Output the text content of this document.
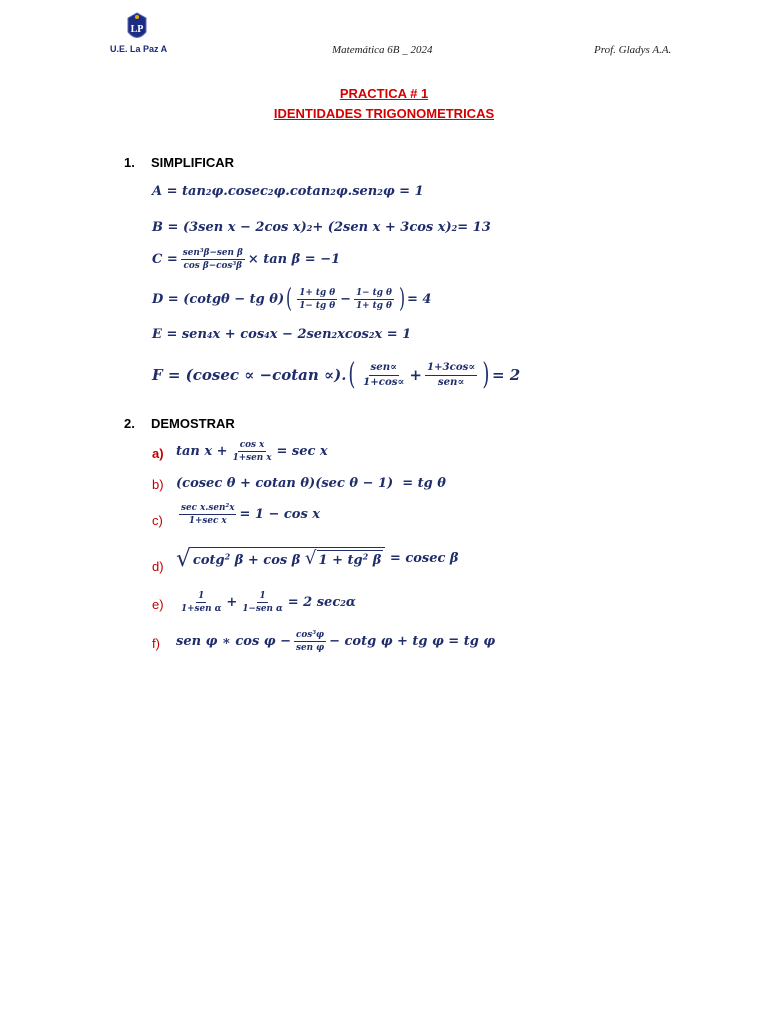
LP
U.E. La Paz A	Matemática 6B _ 2024	Prof. Gladys A.A.
PRACTICA # 1
IDENTIDADES TRIGONOMETRICAS
1. SIMPLIFICAR
A = tan 2 φ.cosec 2 φ.cotan 2 φ.sen 2 φ = 1
B = (3sen x − 2cos x) 2 + (2sen x + 3cos x) 2 = 13
$C = \frac{sen^3\beta-sen \beta}{\cos \beta-\cos^3\beta} \times \tan \beta = -1$
D = (cotgθ − tg θ) ( $\frac{\text{1+ tg θ}}{\text{1− tg θ}} - \frac{\text{1− tg θ}}{\text{1+ tg θ}}$ ) = 4
E = sen 4 x + cos 4 x − 2sen 2 xcos 2 x = 1
F = (cosec ∝ −cotan ∝). ( $\frac{\text{sen∝}}{1+\cos\propto} + \frac{1+3\cos\propto}{\text{sen∝}}$ ) = 2
2. DEMOSTRAR
a) $\tan x + \frac{\text{cos x}}{\text{1+sen x}} = \sec x$
b) (cosec θ + cotan θ)(sec θ − 1)  = tg θ
$c) \frac{\sec x.sen^2x}{\text{1+sec x}} = 1 - \cos x$
d) √ cotg$^2$ β + cos β √ $1 + tg^2$ β = cosec β
$e) \frac{1}{\text{1+sen α}} + \frac{1}{\text{1−sen α}} = 2$ sec 2 α
f) sen φ ∗ $\cos \varphi - \frac{\cos^3\varphi}{\text{sen φ}} - \cot g$ φ + tg φ = tg φ
